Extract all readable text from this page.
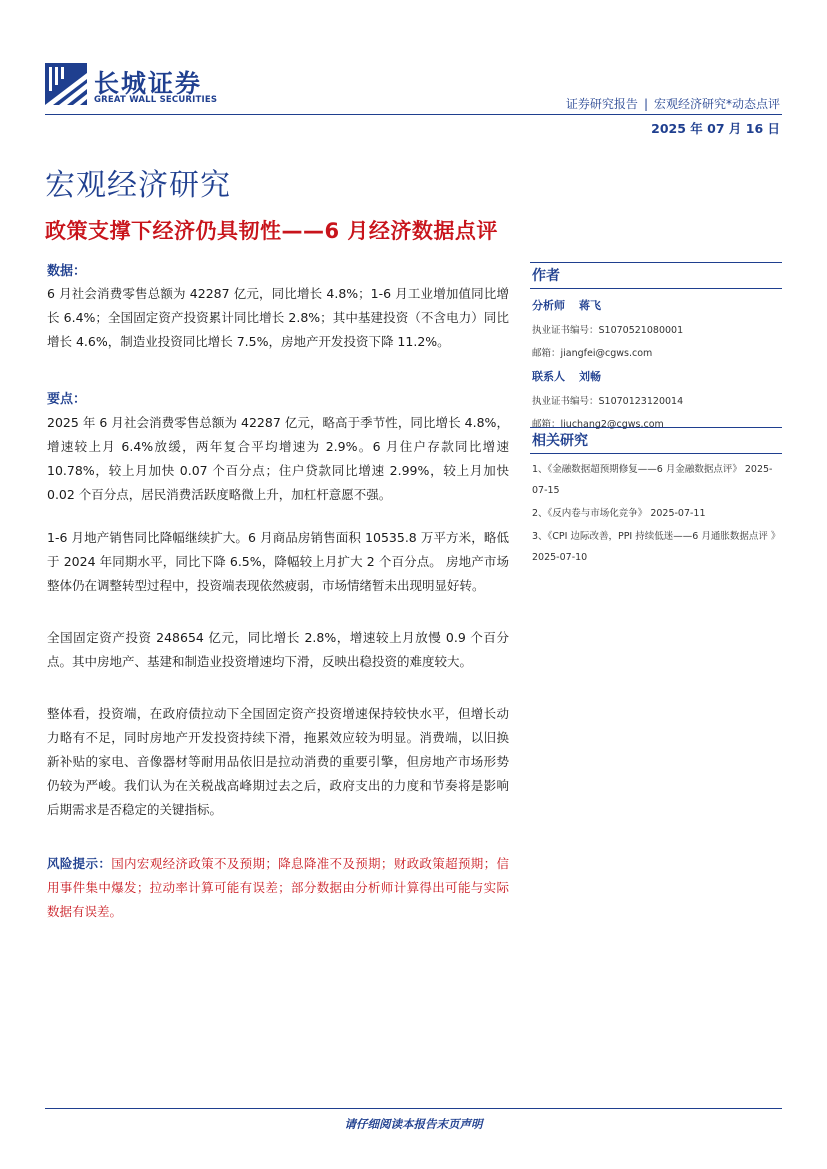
长城证券
GREAT WALL SECURITIES	证券研究报告 | 宏观经济研究*动态点评
2025 年 07 月 16 日
宏观经济研究
政策支撑下经济仍具韧性——6 月经济数据点评
数据：

6 月社会消费零售总额为 42287 亿元，同比增长 4.8%；1-6 月工业增加值同比增长 6.4%；全国固定资产投资累计同比增长 2.8%；其中基建投资（不含电力）同比增长 4.6%，制造业投资同比增长 7.5%，房地产开发投资下降 11.2%。

要点：

2025 年 6 月社会消费零售总额为 42287 亿元，略高于季节性，同比增长 4.8%，增速较上月 6.4%放缓，两年复合平均增速为 2.9%。6 月住户存款同比增速 10.78%，较上月加快 0.07 个百分点；住户贷款同比增速 2.99%，较上月加快 0.02 个百分点，居民消费活跃度略微上升，加杠杆意愿不强。

1-6 月地产销售同比降幅继续扩大。6 月商品房销售面积 10535.8 万平方米，略低于 2024 年同期水平，同比下降 6.5%，降幅较上月扩大 2 个百分点。 房地产市场整体仍在调整转型过程中，投资端表现依然疲弱，市场情绪暂未出现明显好转。

全国固定资产投资 248654 亿元，同比增长 2.8%，增速较上月放慢 0.9 个百分点。其中房地产、基建和制造业投资增速均下滑，反映出稳投资的难度较大。

整体看，投资端，在政府债拉动下全国固定资产投资增速保持较快水平，但增长动力略有不足，同时房地产开发投资持续下滑，拖累效应较为明显。消费端，以旧换新补贴的家电、音像器材等耐用品依旧是拉动消费的重要引擎，但房地产市场形势仍较为严峻。我们认为在关税战高峰期过去之后，政府支出的力度和节奏将是影响后期需求是否稳定的关键指标。

风险提示：国内宏观经济政策不及预期；降息降准不及预期；财政政策超预期；信用事件集中爆发；拉动率计算可能有误差；部分数据由分析师计算得出可能与实际数据有误差。

作者
分析师 蒋飞
执业证书编号：S1070521080001
邮箱：jiangfei@cgws.com
联系人 刘畅
执业证书编号：S1070123120014
邮箱：liuchang2@cgws.com
相关研究

1、《金融数据超预期修复——6 月金融数据点评》 2025-07-15

2、《反内卷与市场化竞争》 2025-07-11

3、《CPI 边际改善，PPI 持续低迷——6 月通胀数据点评 》 2025-07-10

请仔细阅读本报告末页声明
